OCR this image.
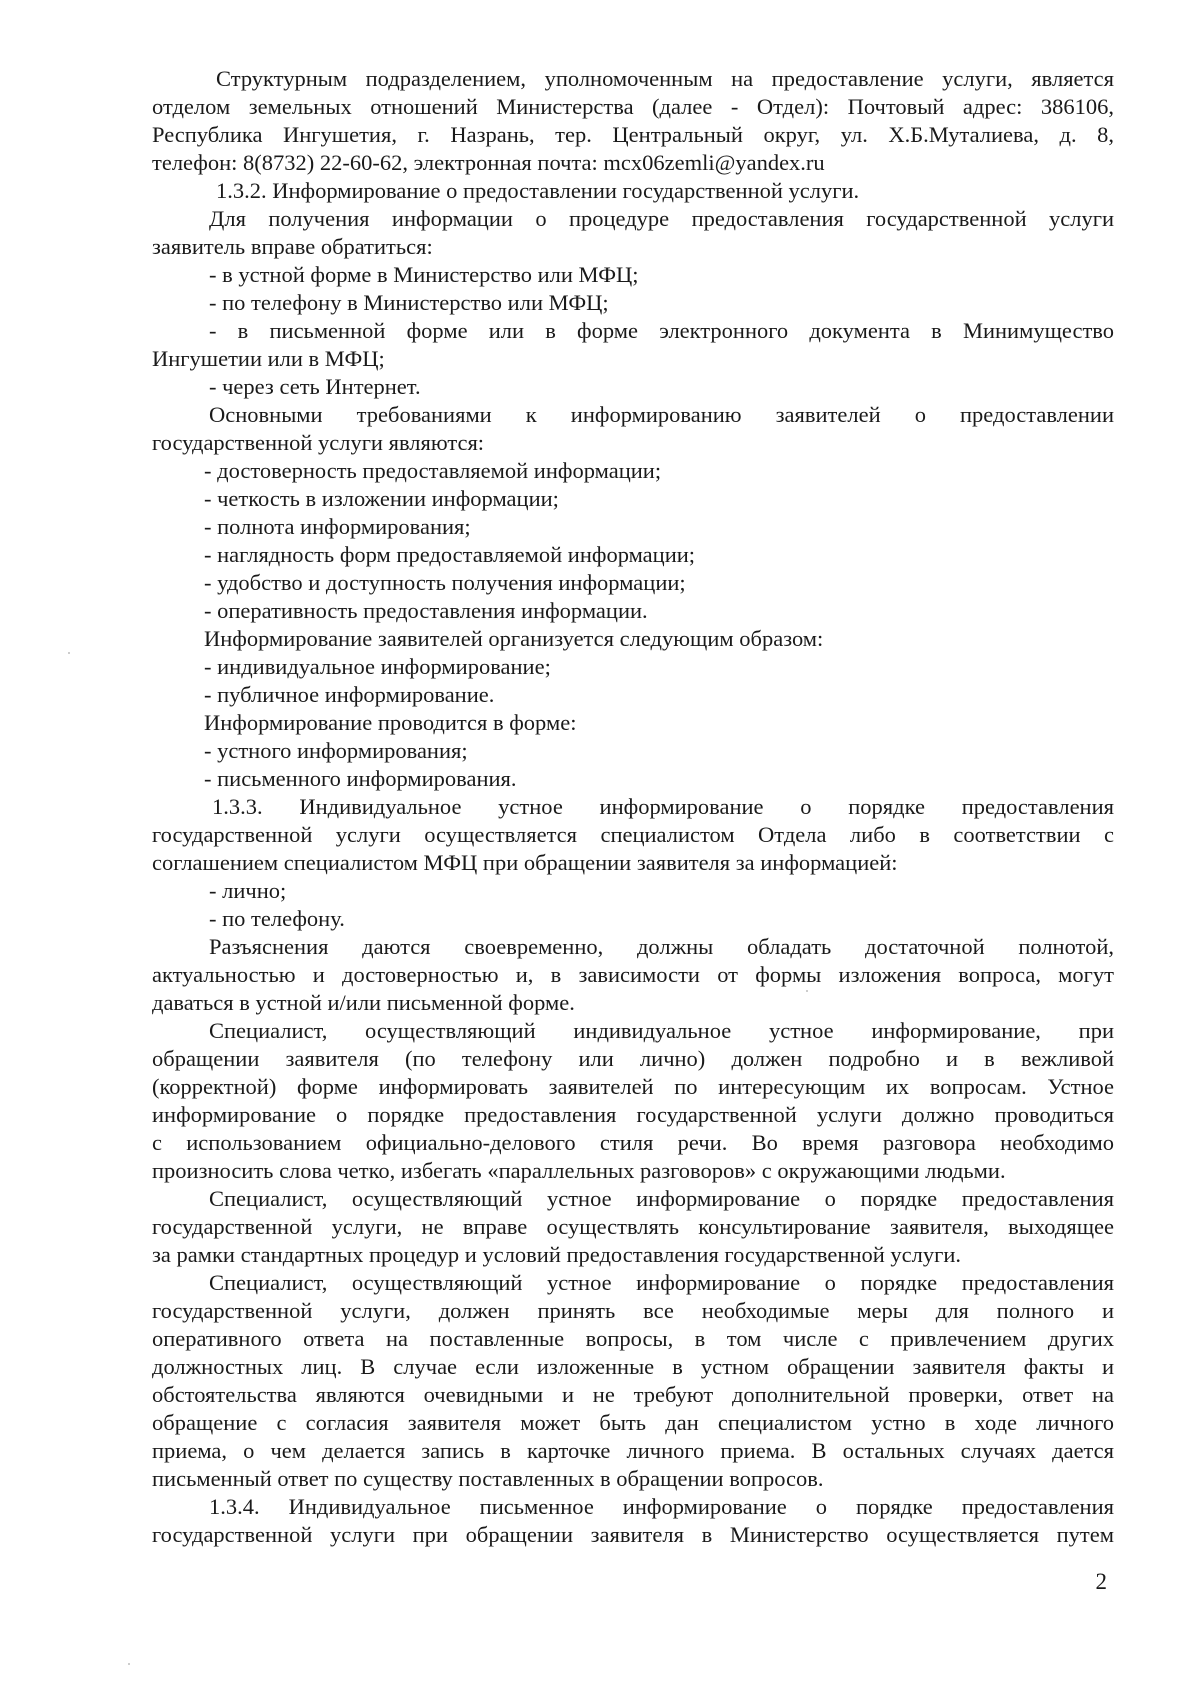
Структурным подразделением, уполномоченным на предоставление услуги, является
отделом земельных отношений Министерства (далее - Отдел): Почтовый адрес: 386106,
Республика Ингушетия, г. Назрань, тер. Центральный округ, ул. Х.Б.Муталиева, д. 8,
телефон: 8(8732) 22-60-62, электронная почта: mcx06zemli@yandex.ru
1.3.2. Информирование о предоставлении государственной услуги.
Для получения информации о процедуре предоставления государственной услуги
заявитель вправе обратиться:
- в устной форме в Министерство или МФЦ;
- по телефону в Министерство или МФЦ;
- в письменной форме или в форме электронного документа в Минимущество
Ингушетии или в МФЦ;
- через сеть Интернет.
Основными требованиями к информированию заявителей о предоставлении
государственной услуги являются:
- достоверность предоставляемой информации;
- четкость в изложении информации;
- полнота информирования;
- наглядность форм предоставляемой информации;
- удобство и доступность получения информации;
- оперативность предоставления информации.
Информирование заявителей организуется следующим образом:
- индивидуальное информирование;
- публичное информирование.
Информирование проводится в форме:
- устного информирования;
- письменного информирования.
1.3.3. Индивидуальное устное информирование о порядке предоставления
государственной услуги осуществляется специалистом Отдела либо в соответствии с
соглашением специалистом МФЦ при обращении заявителя за информацией:
- лично;
- по телефону.
Разъяснения даются своевременно, должны обладать достаточной полнотой,
актуальностью и достоверностью и, в зависимости от формы изложения вопроса, могут
даваться в устной и/или письменной форме.
Специалист, осуществляющий индивидуальное устное информирование, при
обращении заявителя (по телефону или лично) должен подробно и в вежливой
(корректной) форме информировать заявителей по интересующим их вопросам. Устное
информирование о порядке предоставления государственной услуги должно проводиться
с использованием официально-делового стиля речи. Во время разговора необходимо
произносить слова четко, избегать «параллельных разговоров» с окружающими людьми.
Специалист, осуществляющий устное информирование о порядке предоставления
государственной услуги, не вправе осуществлять консультирование заявителя, выходящее
за рамки стандартных процедур и условий предоставления государственной услуги.
Специалист, осуществляющий устное информирование о порядке предоставления
государственной услуги, должен принять все необходимые меры для полного и
оперативного ответа на поставленные вопросы, в том числе с привлечением других
должностных лиц. В случае если изложенные в устном обращении заявителя факты и
обстоятельства являются очевидными и не требуют дополнительной проверки, ответ на
обращение с согласия заявителя может быть дан специалистом устно в ходе личного
приема, о чем делается запись в карточке личного приема. В остальных случаях дается
письменный ответ по существу поставленных в обращении вопросов.
1.3.4. Индивидуальное письменное информирование о порядке предоставления
государственной услуги при обращении заявителя в Министерство осуществляется путем
2
